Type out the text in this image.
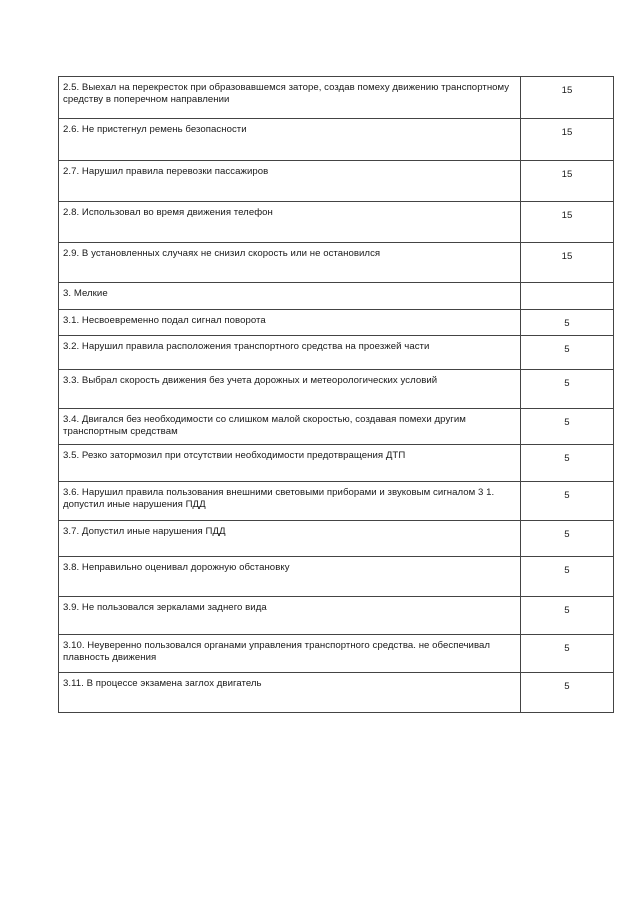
2.5. Выехал на перекресток при образовавшемся заторе, создав помеху движению транспортному средству в поперечном направлении	15
2.6. Не пристегнул ремень безопасности	15
2.7. Нарушил правила перевозки пассажиров	15
2.8. Использовал во время движения телефон	15
2.9. В установленных случаях не снизил скорость или не остановился	15
3. Мелкие	
3.1. Несвоевременно подал сигнал поворота	5
3.2. Нарушил правила расположения транспортного средства на проезжей части	5
3.3. Выбрал скорость движения без учета дорожных и метеорологических условий	5
3.4. Двигался без необходимости со слишком малой скоростью, создавая помехи другим транспортным средствам	5
3.5. Резко затормозил при отсутствии необходимости предотвращения ДТП	5
3.6. Нарушил правила пользования внешними световыми приборами и звуковым сигналом 3 1. допустил иные нарушения ПДД	5
3.7. Допустил иные нарушения ПДД	5
3.8. Неправильно оценивал дорожную обстановку	5
3.9. Не пользовался зеркалами заднего вида	5
3.10. Неуверенно пользовался органами управления транспортного средства. не обеспечивал плавность движения	5
3.11. В процессе экзамена заглох двигатель	5
